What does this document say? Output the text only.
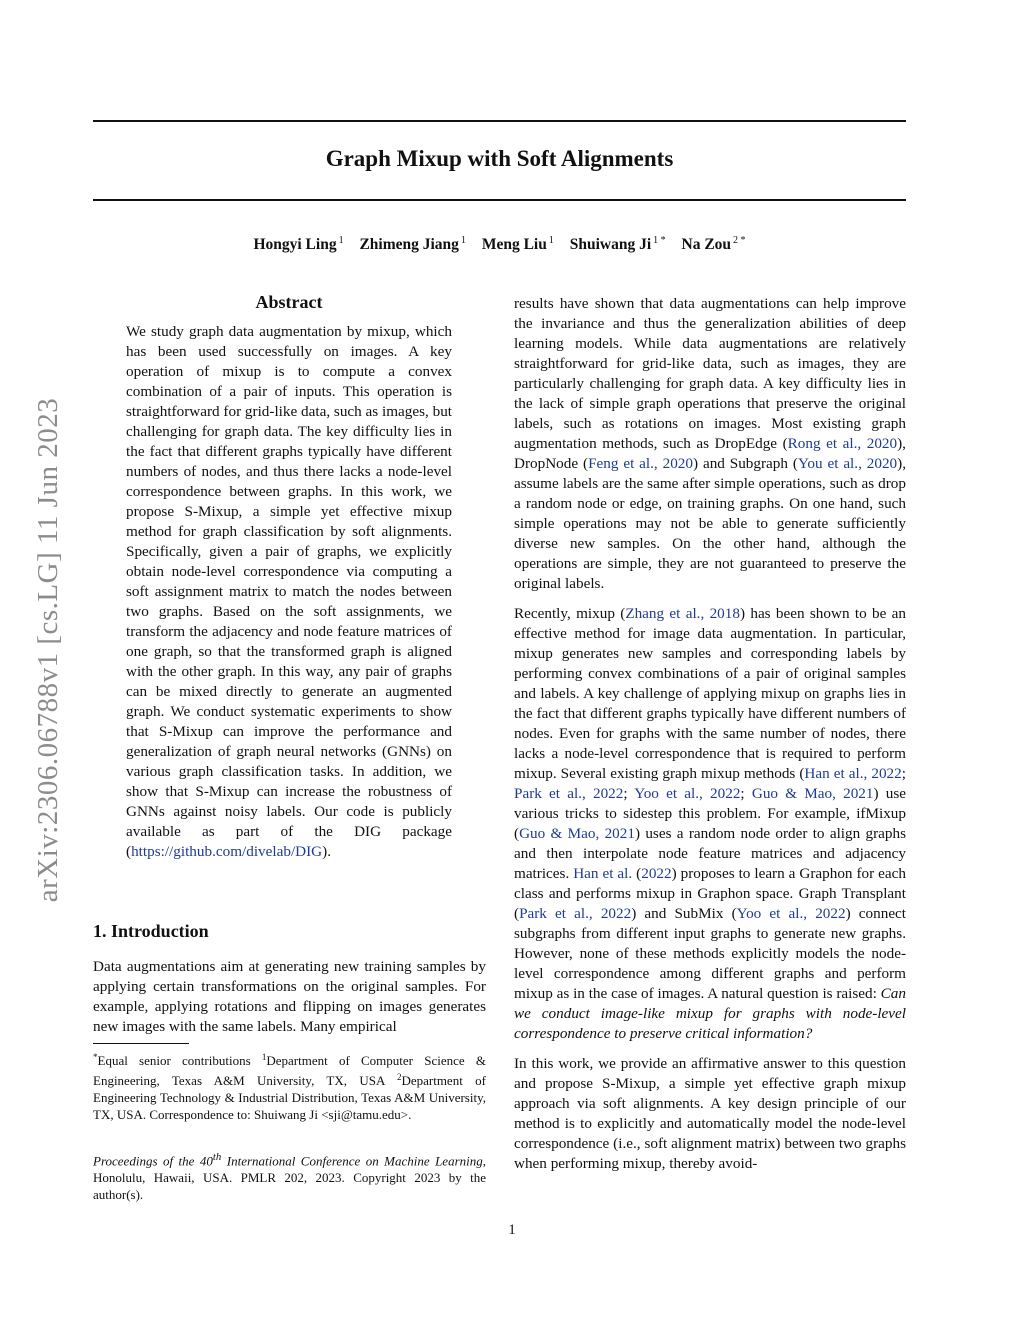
Graph Mixup with Soft Alignments
Hongyi Ling $^1$ Zhimeng Jiang $^1$ Meng Liu $^1$ Shuiwang Ji $^{1 *}$ Na Zou $^{2 *}$
arXiv:2306.06788v1 [cs.LG] 11 Jun 2023
Abstract

We study graph data augmentation by mixup, which has been used successfully on images. A key operation of mixup is to compute a convex combination of a pair of inputs. This operation is straightforward for grid-like data, such as images, but challenging for graph data. The key difficulty lies in the fact that different graphs typically have different numbers of nodes, and thus there lacks a node-level correspondence between graphs. In this work, we propose S-Mixup, a simple yet effective mixup method for graph classification by soft alignments. Specifically, given a pair of graphs, we explicitly obtain node-level correspondence via computing a soft assignment matrix to match the nodes between two graphs. Based on the soft assignments, we transform the adjacency and node feature matrices of one graph, so that the transformed graph is aligned with the other graph. In this way, any pair of graphs can be mixed directly to generate an augmented graph. We conduct systematic experiments to show that S-Mixup can improve the performance and generalization of graph neural networks (GNNs) on various graph classification tasks. In addition, we show that S-Mixup can increase the robustness of GNNs against noisy labels. Our code is publicly available as part of the DIG package (https://github.com/divelab/DIG).

1. Introduction

Data augmentations aim at generating new training samples by applying certain transformations on the original samples. For example, applying rotations and flipping on images generates new images with the same labels. Many empirical

*Equal senior contributions $^1$Department of Computer Science & Engineering, Texas A&M University, TX, USA $^2$Department of Engineering Technology & Industrial Distribution, Texas A&M University, TX, USA. Correspondence to: Shuiwang Ji <sji@tamu.edu>.

Proceedings of the 40th International Conference on Machine Learning, Honolulu, Hawaii, USA. PMLR 202, 2023. Copyright 2023 by the author(s).

results have shown that data augmentations can help improve the invariance and thus the generalization abilities of deep learning models. While data augmentations are relatively straightforward for grid-like data, such as images, they are particularly challenging for graph data. A key difficulty lies in the lack of simple graph operations that preserve the original labels, such as rotations on images. Most existing graph augmentation methods, such as DropEdge (Rong et al., 2020), DropNode (Feng et al., 2020) and Subgraph (You et al., 2020), assume labels are the same after simple operations, such as drop a random node or edge, on training graphs. On one hand, such simple operations may not be able to generate sufficiently diverse new samples. On the other hand, although the operations are simple, they are not guaranteed to preserve the original labels.

Recently, mixup (Zhang et al., 2018) has been shown to be an effective method for image data augmentation. In particular, mixup generates new samples and corresponding labels by performing convex combinations of a pair of original samples and labels. A key challenge of applying mixup on graphs lies in the fact that different graphs typically have different numbers of nodes. Even for graphs with the same number of nodes, there lacks a node-level correspondence that is required to perform mixup. Several existing graph mixup methods (Han et al., 2022; Park et al., 2022; Yoo et al., 2022; Guo & Mao, 2021) use various tricks to sidestep this problem. For example, ifMixup (Guo & Mao, 2021) uses a random node order to align graphs and then interpolate node feature matrices and adjacency matrices. Han et al. (2022) proposes to learn a Graphon for each class and performs mixup in Graphon space. Graph Transplant (Park et al., 2022) and SubMix (Yoo et al., 2022) connect subgraphs from different input graphs to generate new graphs. However, none of these methods explicitly models the node-level correspondence among different graphs and perform mixup as in the case of images. A natural question is raised: Can we conduct image-like mixup for graphs with node-level correspondence to preserve critical information?

In this work, we provide an affirmative answer to this question and propose S-Mixup, a simple yet effective graph mixup approach via soft alignments. A key design principle of our method is to explicitly and automatically model the node-level correspondence (i.e., soft alignment matrix) between two graphs when performing mixup, thereby avoid-

1
